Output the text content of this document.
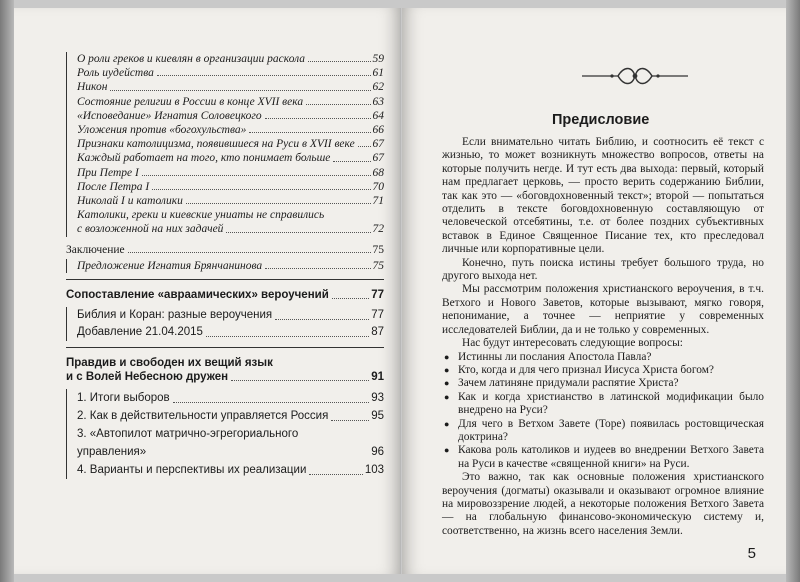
О роли греков и киевлян в организации раскола	59
Роль иудейства	61
Никон	62
Состояние религии в России в конце XVII века	63
«Исповедание» Игнатия Соловецкого	64
Уложения против «богохульства»	66
Признаки католицизма, появившиеся на Руси в XVII веке 67
Каждый работает на того, кто понимает больше	67
При Петре I	68
После Петра I	70
Николай I и католики	71
Католики, греки и киевские униаты не справились
с возложенной на них задачей	72
Заключение	75
Предложение Игнатия Брянчанинова	75
Сопоставление «авраамических» вероучений	77
Библия и Коран: разные вероучения	77
Добавление 21.04.2015	87
Правдив и свободен их вещий язык
и с Волей Небесною дружен	91
1. Итоги выборов	93
2. Как в действительности управляется Россия	95
3. «Автопилот матрично-эгрегориального управления»	96
4. Варианты и перспективы их реализации	103
Предисловие

Если внимательно читать Библию, и соотносить её текст с жизнью, то может возникнуть множество вопросов, ответы на которые получить негде. И тут есть два выхода: первый, который нам предлагает церковь, — просто верить содержанию Библии, так как это — «боговдохновенный текст»; второй — попытаться отделить в тексте боговдохновенную составляющую от человеческой отсебятины, т.е. от более поздних субъективных вставок в Единое Священное Писание тех, кто преследовал личные или корпоративные цели.

Конечно, путь поиска истины требует большого труда, но другого выхода нет.

Мы рассмотрим положения христианского вероучения, в т.ч. Ветхого и Нового Заветов, которые вызывают, мягко говоря, непонимание, а точнее — неприятие у современных исследователей Библии, да и не только у современных.

Нас будут интересовать следующие вопросы:

● Истинны ли послания Апостола Павла?
● Кто, когда и для чего признал Иисуса Христа богом?
● Зачем латиняне придумали распятие Христа?
● Как и когда христианство в латинской модификации было внедрено на Руси?
● Для чего в Ветхом Завете (Торе) появилась ростовщическая доктрина?
● Какова роль католиков и иудеев во внедрении Ветхого Завета на Руси в качестве «священной книги» на Руси.

Это важно, так как основные положения христианского вероучения (догматы) оказывали и оказывают огромное влияние на мировоззрение людей, а некоторые положения Ветхого Завета — на глобальную финансово-экономическую систему и, соответственно, на жизнь всего населения Земли.

5
